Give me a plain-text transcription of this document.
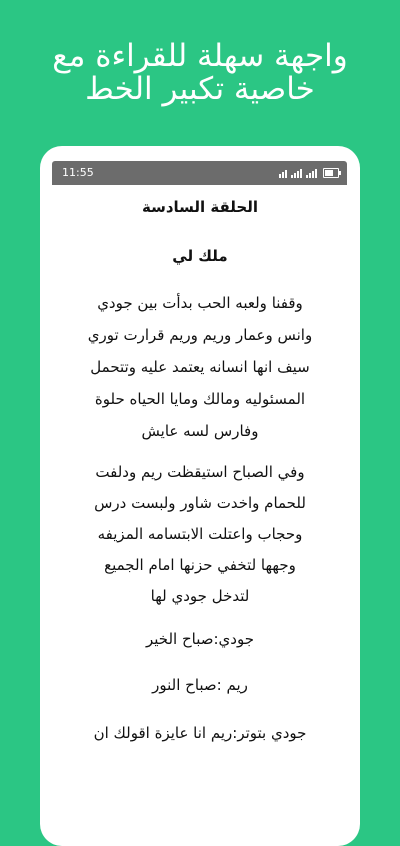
واجهة سهلة للقراءة مع
خاصية تكبير الخط
11:55
الحلقة السادسة
ملك لي
وقفنا ولعبه الحب بدأت بين جودي
وانس وعمار وريم وريم قرارت توري
سيف انها انسانه يعتمد عليه وتتحمل
المسئوليه ومالك ومايا الحياه حلوة
وفارس لسه عايش
وفي الصباح استيقظت ريم ودلفت
للحمام واخدت شاور ولبست درس
وحجاب واعتلت الابتسامه المزيفه
وجهها لتخفي حزنها امام الجميع
لتدخل جودي لها
جودي:صباح الخير
ريم :صباح النور
جودي بتوتر:ريم انا عايزة اقولك ان
